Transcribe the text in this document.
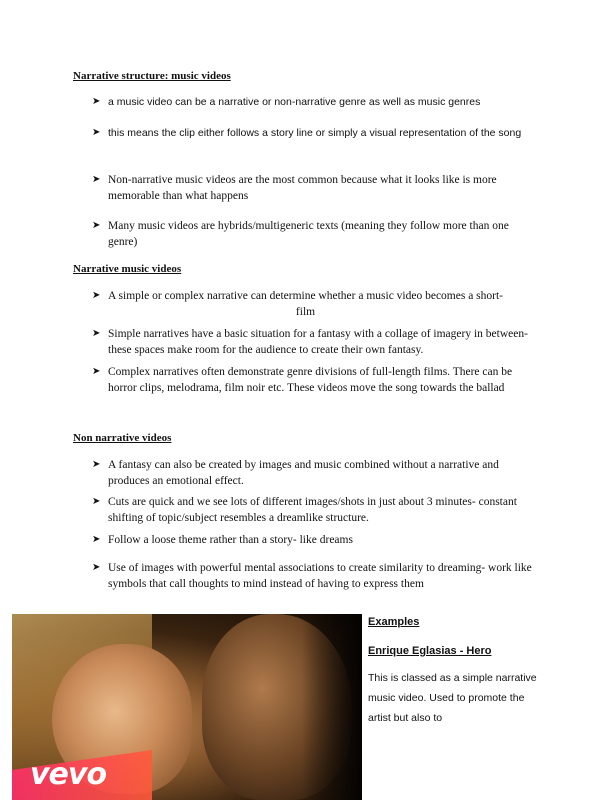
Narrative structure: music videos
➤ a music video can be a narrative or non-narrative genre as well as music genres
➤ this means the clip either follows a story line or simply a visual representation of the song
➤ Non-narrative music videos are the most common because what it looks like is more memorable than what happens
➤ Many music videos are hybrids/multigeneric texts (meaning they follow more than one genre)
Narrative music videos
➤ A simple or complex narrative can determine whether a music video becomes a short-
film
➤ Simple narratives have a basic situation for a fantasy with a collage of imagery in between- these spaces make room for the audience to create their own fantasy.
➤ Complex narratives often demonstrate genre divisions of full-length films. There can be horror clips, melodrama, film noir etc. These videos move the song towards the ballad
Non narrative videos
➤ A fantasy can also be created by images and music combined without a narrative and produces an emotional effect.
➤ Cuts are quick and we see lots of different images/shots in just about 3 minutes- constant shifting of topic/subject resembles a dreamlike structure.
➤ Follow a loose theme rather than a story- like dreams
➤ Use of images with powerful mental associations to create similarity to dreaming- work like symbols that call thoughts to mind instead of having to express them
vevo
Examples
Enrique Eglasias - Hero
This is classed as a simple narrative music video. Used to promote the artist but also to
